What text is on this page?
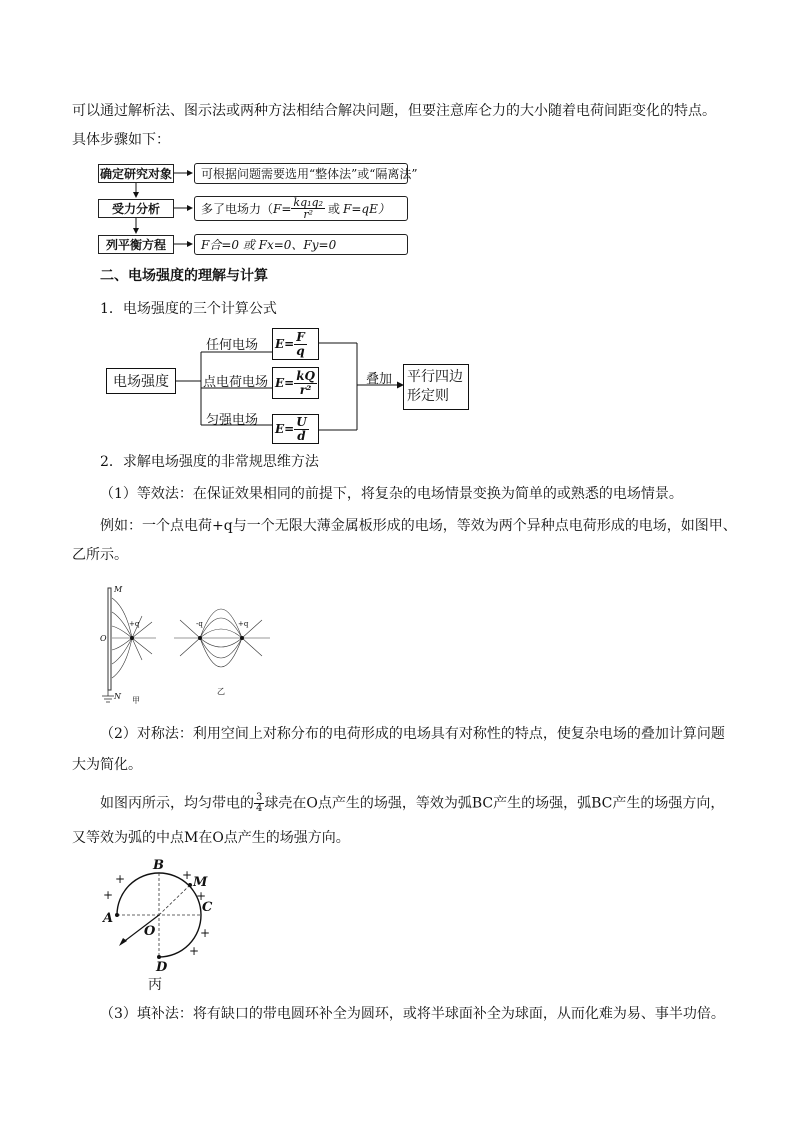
可以通过解析法、图示法或两种方法相结合解决问题，但要注意库仑力的大小随着电荷间距变化的特点。
具体步骤如下：
确定研究对象
受力分析
列平衡方程
可根据问题需要选用“整体法”或“隔离法”
多了电场力（ $F= \frac{\text{kq₁q₂}}{\text{r²}}$ 或 F=qE）
F合=0 或 Fx=0、Fy=0
二、电场强度的理解与计算
1．电场强度的三个计算公式
电场强度
任何电场
点电荷电场
匀强电场
$E= \frac{F}{q}$
$E= \frac{kQ}{\text{r²}}$
$E= \frac{U}{d}$
叠加 平行四边
形定则
2．求解电场强度的非常规思维方法
（1）等效法：在保证效果相同的前提下，将复杂的电场情景变换为简单的或熟悉的电场情景。
例如：一个点电荷+q与一个无限大薄金属板形成的电场，等效为两个异种点电荷形成的电场，如图甲、
乙所示。
M
N
O
+q
甲
-q	+q
乙
（2）对称法：利用空间上对称分布的电荷形成的电场具有对称性的特点，使复杂电场的叠加计算问题
大为简化。
如图丙所示，均匀带电的 $\frac{3}{4}$ 球壳在O点产生的场强，等效为弧BC产生的场强，弧BC产生的场强方向，
又等效为弧的中点M在O点产生的场强方向。
B
A
C
D
M
O
+	+
+	+
+
+
丙
（3）填补法：将有缺口的带电圆环补全为圆环，或将半球面补全为球面，从而化难为易、事半功倍。
